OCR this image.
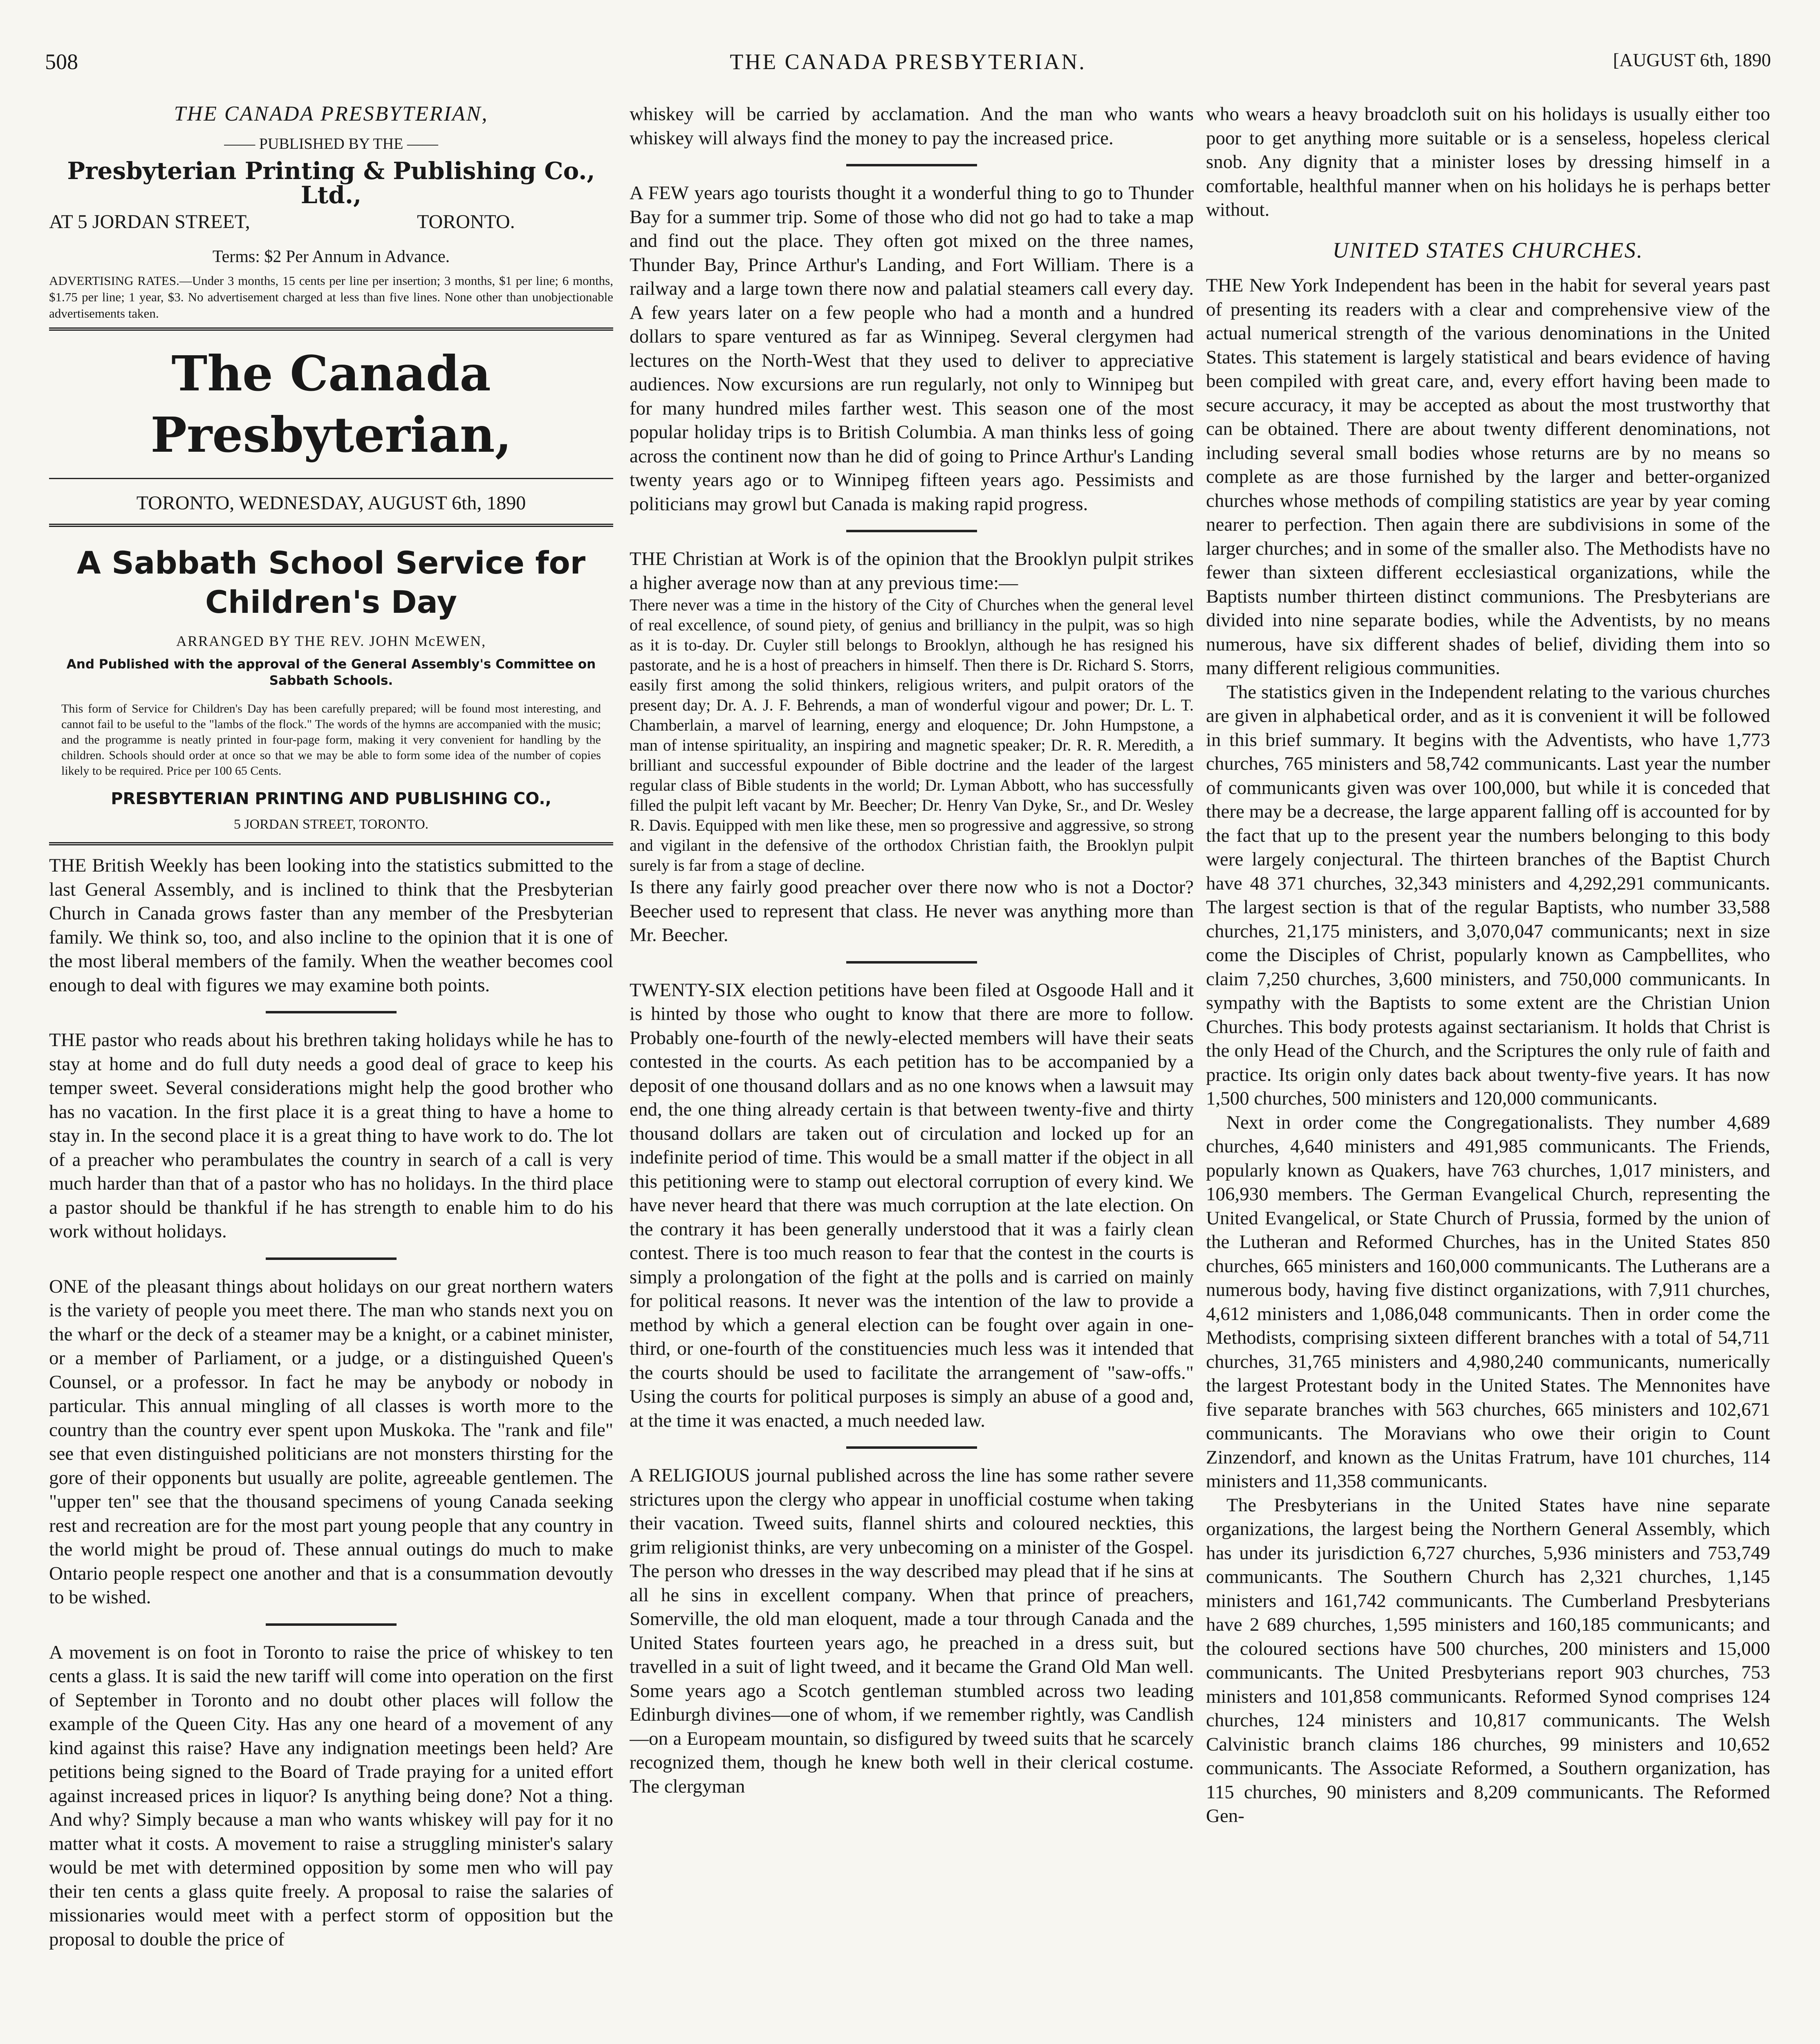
508	THE CANADA PRESBYTERIAN.	[AUGUST 6th, 1890
THE CANADA PRESBYTERIAN,
—— PUBLISHED BY THE ——
Presbyterian Printing & Publishing Co., Ltd.,
AT 5 JORDAN STREET,	TORONTO.
Terms: $2 Per Annum in Advance.
ADVERTISING RATES.—Under 3 months, 15 cents per line per insertion; 3 months, $1 per line; 6 months, $1.75 per line; 1 year, $3. No advertisement charged at less than five lines. None other than unobjectionable advertisements taken.
The Canada Presbyterian,
TORONTO, WEDNESDAY, AUGUST 6th, 1890
A Sabbath School Service for Children's Day
ARRANGED BY THE REV. JOHN McEWEN,
And Published with the approval of the General Assembly's Committee on Sabbath Schools.
This form of Service for Children's Day has been carefully prepared; will be found most interesting, and cannot fail to be useful to the "lambs of the flock." The words of the hymns are accompanied with the music; and the programme is neatly printed in four-page form, making it very convenient for handling by the children. Schools should order at once so that we may be able to form some idea of the number of copies likely to be required. Price per 100 65 Cents.
PRESBYTERIAN PRINTING AND PUBLISHING CO.,
5 JORDAN STREET, TORONTO.

THE British Weekly has been looking into the statistics submitted to the last General Assembly, and is inclined to think that the Presbyterian Church in Canada grows faster than any member of the Presbyterian family. We think so, too, and also incline to the opinion that it is one of the most liberal members of the family. When the weather becomes cool enough to deal with figures we may examine both points.

THE pastor who reads about his brethren taking holidays while he has to stay at home and do full duty needs a good deal of grace to keep his temper sweet. Several considerations might help the good brother who has no vacation. In the first place it is a great thing to have a home to stay in. In the second place it is a great thing to have work to do. The lot of a preacher who perambulates the country in search of a call is very much harder than that of a pastor who has no holidays. In the third place a pastor should be thankful if he has strength to enable him to do his work without holidays.

ONE of the pleasant things about holidays on our great northern waters is the variety of people you meet there. The man who stands next you on the wharf or the deck of a steamer may be a knight, or a cabinet minister, or a member of Parliament, or a judge, or a distinguished Queen's Counsel, or a professor. In fact he may be anybody or nobody in particular. This annual mingling of all classes is worth more to the country than the country ever spent upon Muskoka. The "rank and file" see that even distinguished politicians are not monsters thirsting for the gore of their opponents but usually are polite, agreeable gentlemen. The "upper ten" see that the thousand specimens of young Canada seeking rest and recreation are for the most part young people that any country in the world might be proud of. These annual outings do much to make Ontario people respect one another and that is a consummation devoutly to be wished.

A movement is on foot in Toronto to raise the price of whiskey to ten cents a glass. It is said the new tariff will come into operation on the first of September in Toronto and no doubt other places will follow the example of the Queen City. Has any one heard of a movement of any kind against this raise? Have any indignation meetings been held? Are petitions being signed to the Board of Trade praying for a united effort against increased prices in liquor? Is anything being done? Not a thing. And why? Simply because a man who wants whiskey will pay for it no matter what it costs. A movement to raise a struggling minister's salary would be met with determined opposition by some men who will pay their ten cents a glass quite freely. A proposal to raise the salaries of missionaries would meet with a perfect storm of opposition but the proposal to double the price of

whiskey will be carried by acclamation. And the man who wants whiskey will always find the money to pay the increased price.

A FEW years ago tourists thought it a wonderful thing to go to Thunder Bay for a summer trip. Some of those who did not go had to take a map and find out the place. They often got mixed on the three names, Thunder Bay, Prince Arthur's Landing, and Fort William. There is a railway and a large town there now and palatial steamers call every day. A few years later on a few people who had a month and a hundred dollars to spare ventured as far as Winnipeg. Several clergymen had lectures on the North-West that they used to deliver to appreciative audiences. Now excursions are run regularly, not only to Winnipeg but for many hundred miles farther west. This season one of the most popular holiday trips is to British Columbia. A man thinks less of going across the continent now than he did of going to Prince Arthur's Landing twenty years ago or to Winnipeg fifteen years ago. Pessimists and politicians may growl but Canada is making rapid progress.

THE Christian at Work is of the opinion that the Brooklyn pulpit strikes a higher average now than at any previous time:—

There never was a time in the history of the City of Churches when the general level of real excellence, of sound piety, of genius and brilliancy in the pulpit, was so high as it is to-day. Dr. Cuyler still belongs to Brooklyn, although he has resigned his pastorate, and he is a host of preachers in himself. Then there is Dr. Richard S. Storrs, easily first among the solid thinkers, religious writers, and pulpit orators of the present day; Dr. A. J. F. Behrends, a man of wonderful vigour and power; Dr. L. T. Chamberlain, a marvel of learning, energy and eloquence; Dr. John Humpstone, a man of intense spirituality, an inspiring and magnetic speaker; Dr. R. R. Meredith, a brilliant and successful expounder of Bible doctrine and the leader of the largest regular class of Bible students in the world; Dr. Lyman Abbott, who has successfully filled the pulpit left vacant by Mr. Beecher; Dr. Henry Van Dyke, Sr., and Dr. Wesley R. Davis. Equipped with men like these, men so progressive and aggressive, so strong and vigilant in the defensive of the orthodox Christian faith, the Brooklyn pulpit surely is far from a stage of decline.

Is there any fairly good preacher over there now who is not a Doctor? Beecher used to represent that class. He never was anything more than Mr. Beecher.

TWENTY-SIX election petitions have been filed at Osgoode Hall and it is hinted by those who ought to know that there are more to follow. Probably one-fourth of the newly-elected members will have their seats contested in the courts. As each petition has to be accompanied by a deposit of one thousand dollars and as no one knows when a lawsuit may end, the one thing already certain is that between twenty-five and thirty thousand dollars are taken out of circulation and locked up for an indefinite period of time. This would be a small matter if the object in all this petitioning were to stamp out electoral corruption of every kind. We have never heard that there was much corruption at the late election. On the contrary it has been generally understood that it was a fairly clean contest. There is too much reason to fear that the contest in the courts is simply a prolongation of the fight at the polls and is carried on mainly for political reasons. It never was the intention of the law to provide a method by which a general election can be fought over again in one-third, or one-fourth of the constituencies much less was it intended that the courts should be used to facilitate the arrangement of "saw-offs." Using the courts for political purposes is simply an abuse of a good and, at the time it was enacted, a much needed law.

A RELIGIOUS journal published across the line has some rather severe strictures upon the clergy who appear in unofficial costume when taking their vacation. Tweed suits, flannel shirts and coloured neckties, this grim religionist thinks, are very unbecoming on a minister of the Gospel. The person who dresses in the way described may plead that if he sins at all he sins in excellent company. When that prince of preachers, Somerville, the old man eloquent, made a tour through Canada and the United States fourteen years ago, he preached in a dress suit, but travelled in a suit of light tweed, and it became the Grand Old Man well. Some years ago a Scotch gentleman stumbled across two leading Edinburgh divines—one of whom, if we remember rightly, was Candlish—on a Europeam mountain, so disfigured by tweed suits that he scarcely recognized them, though he knew both well in their clerical costume. The clergyman

who wears a heavy broadcloth suit on his holidays is usually either too poor to get anything more suitable or is a senseless, hopeless clerical snob. Any dignity that a minister loses by dressing himself in a comfortable, healthful manner when on his holidays he is perhaps better without.

UNITED STATES CHURCHES.

THE New York Independent has been in the habit for several years past of presenting its readers with a clear and comprehensive view of the actual numerical strength of the various denominations in the United States. This statement is largely statistical and bears evidence of having been compiled with great care, and, every effort having been made to secure accuracy, it may be accepted as about the most trustworthy that can be obtained. There are about twenty different denominations, not including several small bodies whose returns are by no means so complete as are those furnished by the larger and better-organized churches whose methods of compiling statistics are year by year coming nearer to perfection. Then again there are subdivisions in some of the larger churches; and in some of the smaller also. The Methodists have no fewer than sixteen different ecclesiastical organizations, while the Baptists number thirteen distinct communions. The Presbyterians are divided into nine separate bodies, while the Adventists, by no means numerous, have six different shades of belief, dividing them into so many different religious communities.

The statistics given in the Independent relating to the various churches are given in alphabetical order, and as it is convenient it will be followed in this brief summary. It begins with the Adventists, who have 1,773 churches, 765 ministers and 58,742 communicants. Last year the number of communicants given was over 100,000, but while it is conceded that there may be a decrease, the large apparent falling off is accounted for by the fact that up to the present year the numbers belonging to this body were largely conjectural. The thirteen branches of the Baptist Church have 48 371 churches, 32,343 ministers and 4,292,291 communicants. The largest section is that of the regular Baptists, who number 33,588 churches, 21,175 ministers, and 3,070,047 communicants; next in size come the Disciples of Christ, popularly known as Campbellites, who claim 7,250 churches, 3,600 ministers, and 750,000 communicants. In sympathy with the Baptists to some extent are the Christian Union Churches. This body protests against sectarianism. It holds that Christ is the only Head of the Church, and the Scriptures the only rule of faith and practice. Its origin only dates back about twenty-five years. It has now 1,500 churches, 500 ministers and 120,000 communicants.

Next in order come the Congregationalists. They number 4,689 churches, 4,640 ministers and 491,985 communicants. The Friends, popularly known as Quakers, have 763 churches, 1,017 ministers, and 106,930 members. The German Evangelical Church, representing the United Evangelical, or State Church of Prussia, formed by the union of the Lutheran and Reformed Churches, has in the United States 850 churches, 665 ministers and 160,000 communicants. The Lutherans are a numerous body, having five distinct organizations, with 7,911 churches, 4,612 ministers and 1,086,048 communicants. Then in order come the Methodists, comprising sixteen different branches with a total of 54,711 churches, 31,765 ministers and 4,980,240 communicants, numerically the largest Protestant body in the United States. The Mennonites have five separate branches with 563 churches, 665 ministers and 102,671 communicants. The Moravians who owe their origin to Count Zinzendorf, and known as the Unitas Fratrum, have 101 churches, 114 ministers and 11,358 communicants.

The Presbyterians in the United States have nine separate organizations, the largest being the Northern General Assembly, which has under its jurisdiction 6,727 churches, 5,936 ministers and 753,749 communicants. The Southern Church has 2,321 churches, 1,145 ministers and 161,742 communicants. The Cumberland Presbyterians have 2 689 churches, 1,595 ministers and 160,185 communicants; and the coloured sections have 500 churches, 200 ministers and 15,000 communicants. The United Presbyterians report 903 churches, 753 ministers and 101,858 communicants. Reformed Synod comprises 124 churches, 124 ministers and 10,817 communicants. The Welsh Calvinistic branch claims 186 churches, 99 ministers and 10,652 communicants. The Associate Reformed, a Southern organization, has 115 churches, 90 ministers and 8,209 communicants. The Reformed Gen-
